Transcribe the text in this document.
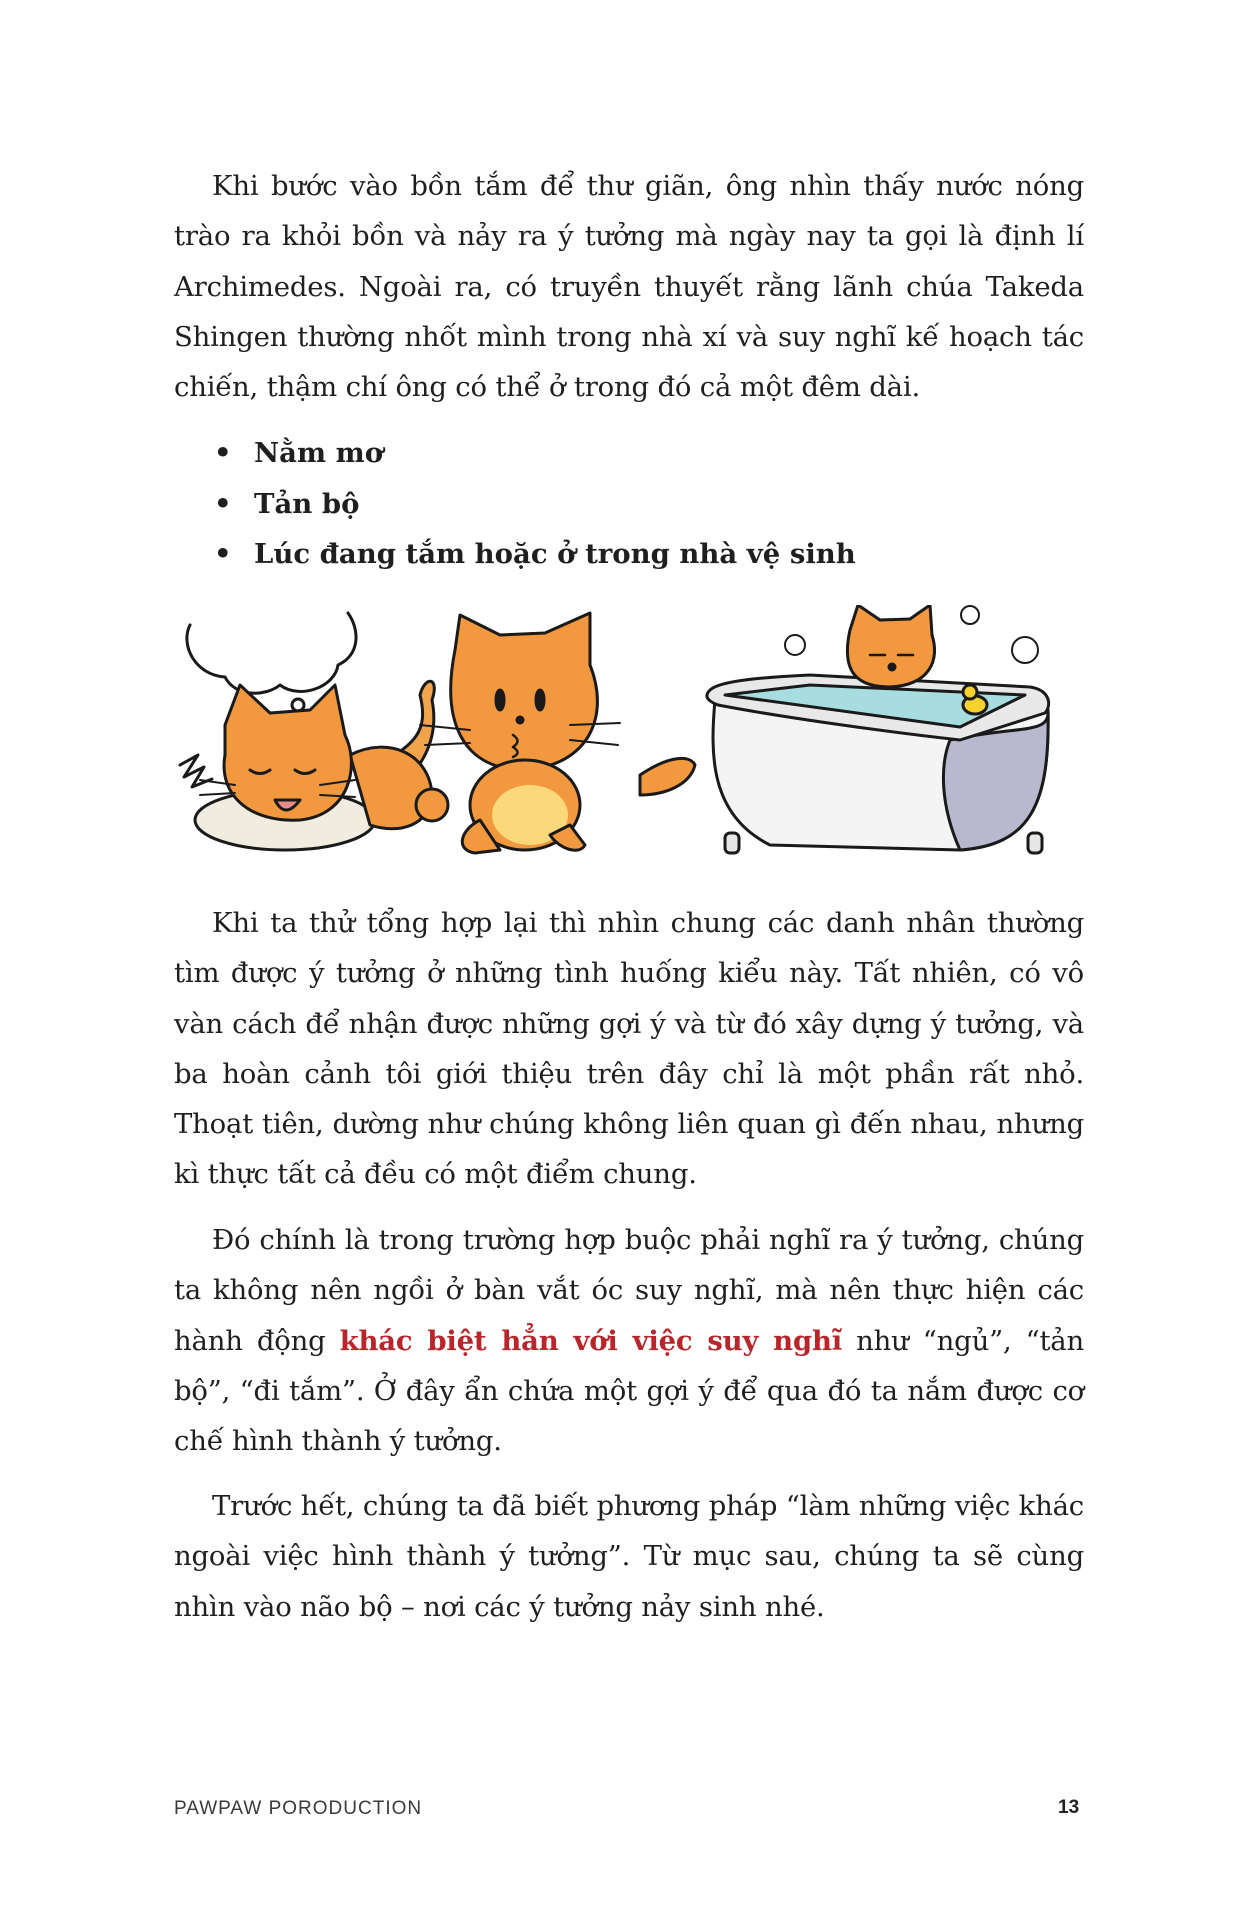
Khi bước vào bồn tắm để thư giãn, ông nhìn thấy nước nóng trào ra khỏi bồn và nảy ra ý tưởng mà ngày nay ta gọi là định lí Archimedes. Ngoài ra, có truyền thuyết rằng lãnh chúa Takeda Shingen thường nhốt mình trong nhà xí và suy nghĩ kế hoạch tác chiến, thậm chí ông có thể ở trong đó cả một đêm dài.

• Nằm mơ
• Tản bộ
• Lúc đang tắm hoặc ở trong nhà vệ sinh

Khi ta thử tổng hợp lại thì nhìn chung các danh nhân thường tìm được ý tưởng ở những tình huống kiểu này. Tất nhiên, có vô vàn cách để nhận được những gợi ý và từ đó xây dựng ý tưởng, và ba hoàn cảnh tôi giới thiệu trên đây chỉ là một phần rất nhỏ. Thoạt tiên, dường như chúng không liên quan gì đến nhau, nhưng kì thực tất cả đều có một điểm chung.

Đó chính là trong trường hợp buộc phải nghĩ ra ý tưởng, chúng ta không nên ngồi ở bàn vắt óc suy nghĩ, mà nên thực hiện các hành động khác biệt hẳn với việc suy nghĩ như “ngủ”, “tản bộ”, “đi tắm”. Ở đây ẩn chứa một gợi ý để qua đó ta nắm được cơ chế hình thành ý tưởng.

Trước hết, chúng ta đã biết phương pháp “làm những việc khác ngoài việc hình thành ý tưởng”. Từ mục sau, chúng ta sẽ cùng nhìn vào não bộ – nơi các ý tưởng nảy sinh nhé.

PAWPAW PORODUCTION	13
